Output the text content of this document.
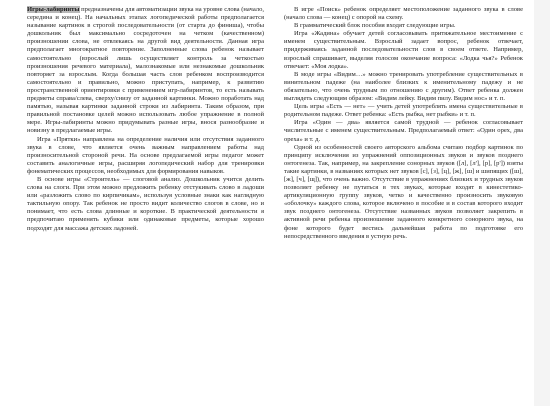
Игры-лабиринты предназначены для автоматизации звука на уровне слова (начало, середина и конец). На начальных этапах логопедической работы предполагается называние картинок в строгой последовательности (от старта до финиша), чтобы дошкольник был максимально сосредоточен на четком (качественном) произношении слова, не отвлекаясь на другой вид деятельности. Данная игра предполагает многократное повторение. Заполненные слова ребенок называет самостоятельно (взрослый лишь осуществляет контроль за четкостью произношения речевого материала), малознакомые или незнакомые дошкольник повторяет за взрослым. Когда большая часть слов ребенком воспроизводится самостоятельно и правильно, можно приступать, например, к развитию пространственной ориентировки с применением игр-лабиринтов, то есть называть предметы справа/слева, сверху/снизу от заданной картинки. Можно поработать над памятью, называя картинки заданной строки из лабиринта. Таким образом, при правильной постановке целей можно использовать любое упражнение в полной мере. Игры-лабиринты можно придумывать разные игры, внося разнообразие и новизну в предлагаемые игры.

Игра «Прятки» направлена на определение наличия или отсутствия заданного звука в слове, что является очень важным направлением работы над произносительной стороной речи. На основе предлагаемой игры педагог может составить аналогичные игры, расширяя логопедический набор для тренировки фонематических процессов, необходимых для формирования навыков.

В основе игры «Строитель» — слоговой анализ. Дошкольник учится делить слова на слоги. При этом можно предложить ребенку отстукивать слово в ладоши или «разложить слово по кирпичикам», используя условные знаки как наглядную тактильную опору. Так ребенок не просто видит количество слогов в слове, но и понимает, что есть слова длинные и короткие. В практической деятельности я предпочитаю применять кубики или одинаковые предметы, которые хорошо подходят для массажа детских ладоней.

В игре «Поиск» ребенок определяет местоположение заданного звука в слове (начало слова — конец) с опорой на схему.

В грамматический блок пособия входят следующие игры.

Игра «Жадина» обучает детей согласовывать притяжательное местоимение с именем существительным. Взрослый задает вопрос, ребенок отвечает, придерживаясь заданной последовательности слов в своем ответе. Например, взрослый спрашивает, выделяя голосом окончание вопроса: «Лодка чья?» Ребенок отвечает: «Моя лодка».

В моде игры «Видим…» можно тренировать употребление существительных в винительном падеже (на наиболее близких к именительному падежу и не обязательно, что очень трудным по отношению с другим). Ответ ребенка должен выглядеть следующим образом: «Видим лейку. Видим пилу. Видим нос» и т. п.

Цель игры «Есть — нет» — учить детей употреблять имена существительные в родительном падеже. Ответ ребенка: «Есть рыбка, нет рыбки» и т. п.

Игра «Один — два» является самой трудной — ребенок согласовывает числительные с именем существительным. Предполагаемый ответ: «Один орех, два ореха» и т. д.

Одной из особенностей своего авторского альбома считаю подбор картинок по принципу исключения из упражнений оппозиционных звуков и звуков позднего онтогенеза. Так, например, на закрепление сонорных звуков ([л], [л'], [р], [р']) взяты такие картинки, в названиях которых нет звуков [с], [з], [ц], [ж], [ш] и шипящих ([ш], [ж], [ч], [щ]), что очень важно. Отсутствие в упражнениях близких и трудных звуков позволяет ребенку не путаться в тех звуках, которые входят в кинестетико-артикуляционную группу звуков, четко и качественно произносить звуковую «оболочку» каждого слова, которое включено в пособие и в состав которого входит звук позднего онтогенеза. Отсутствие названных звуков позволяет закрепить в активной речи ребенка произношение заданного конкретного сонорного звука, на фоне которого будет вестись дальнейшая работа по подготовке его непосредственного введения в устную речь.
